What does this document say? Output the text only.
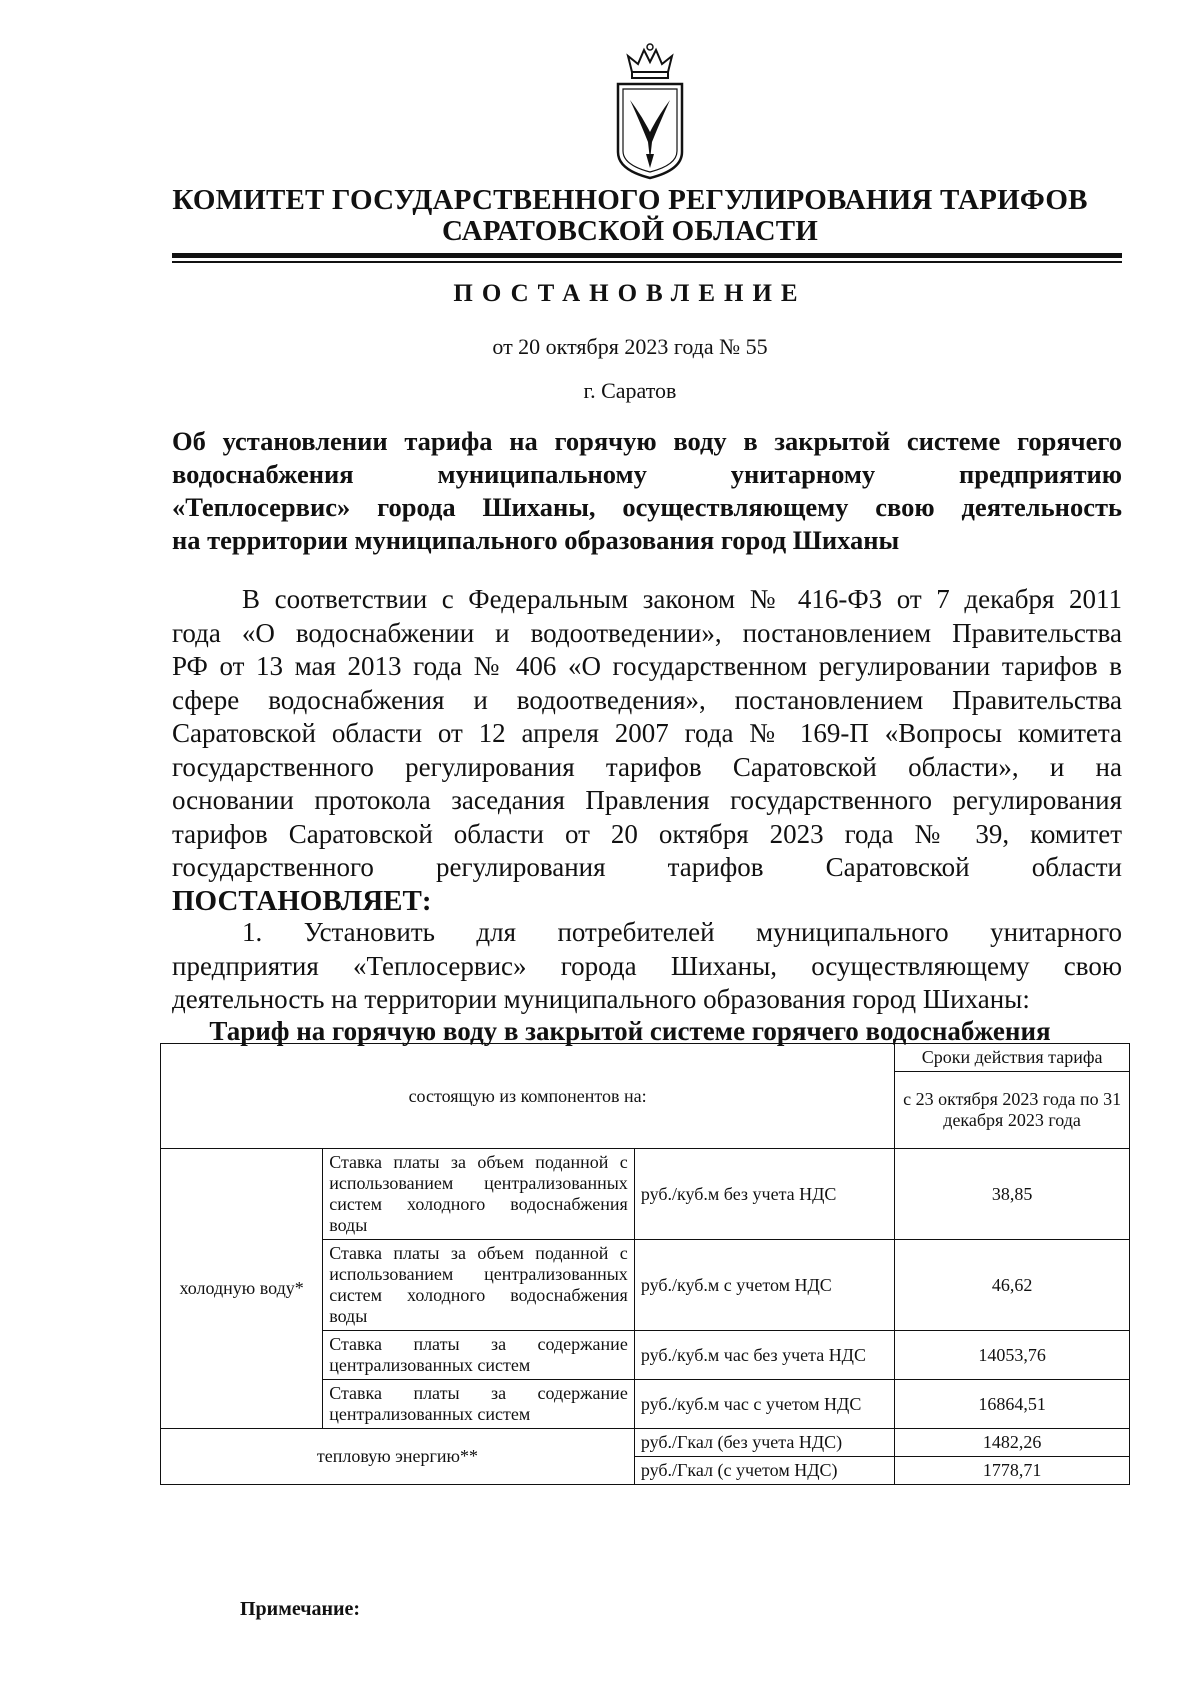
КОМИТЕТ ГОСУДАРСТВЕННОГО РЕГУЛИРОВАНИЯ ТАРИФОВ
САРАТОВСКОЙ ОБЛАСТИ
ПОСТАНОВЛЕНИЕ
от 20 октября 2023 года № 55
г. Саратов
Об установлении тарифа на горячую воду в закрытой системе горячего
водоснабжения муниципальному унитарному предприятию
«Теплосервис» города Шиханы, осуществляющему свою деятельность
на территории муниципального образования город Шиханы
В соответствии с Федеральным законом № 416-ФЗ от 7 декабря 2011
года «О водоснабжении и водоотведении», постановлением Правительства
РФ от 13 мая 2013 года № 406 «О государственном регулировании тарифов в
сфере водоснабжения и водоотведения», постановлением Правительства
Саратовской области от 12 апреля 2007 года № 169-П «Вопросы комитета
государственного регулирования тарифов Саратовской области», и на
основании протокола заседания Правления государственного регулирования
тарифов Саратовской области от 20 октября 2023 года № 39, комитет
государственного регулирования тарифов Саратовской области
ПОСТАНОВЛЯЕТ:
1. Установить для потребителей муниципального унитарного
предприятия «Теплосервис» города Шиханы, осуществляющему свою
деятельность на территории муниципального образования город Шиханы:
Тариф на горячую воду в закрытой системе горячего водоснабжения
состоящую из компонентов на:			Сроки действия тарифа
			с 23 октября 2023 года по 31 декабря 2023 года
холодную воду*	Ставка платы за объем поданной с использованием централизованных систем холодного водоснабжения воды	руб./куб.м без учета НДС	38,85
	Ставка платы за объем поданной с использованием централизованных систем холодного водоснабжения воды	руб./куб.м с учетом НДС	46,62
	Ставка платы за содержание централизованных систем	руб./куб.м час без учета НДС	14053,76
	Ставка платы за содержание централизованных систем	руб./куб.м час с учетом НДС	16864,51
тепловую энергию**		руб./Гкал (без учета НДС)	1482,26
		руб./Гкал (с учетом НДС)	1778,71
Примечание:
